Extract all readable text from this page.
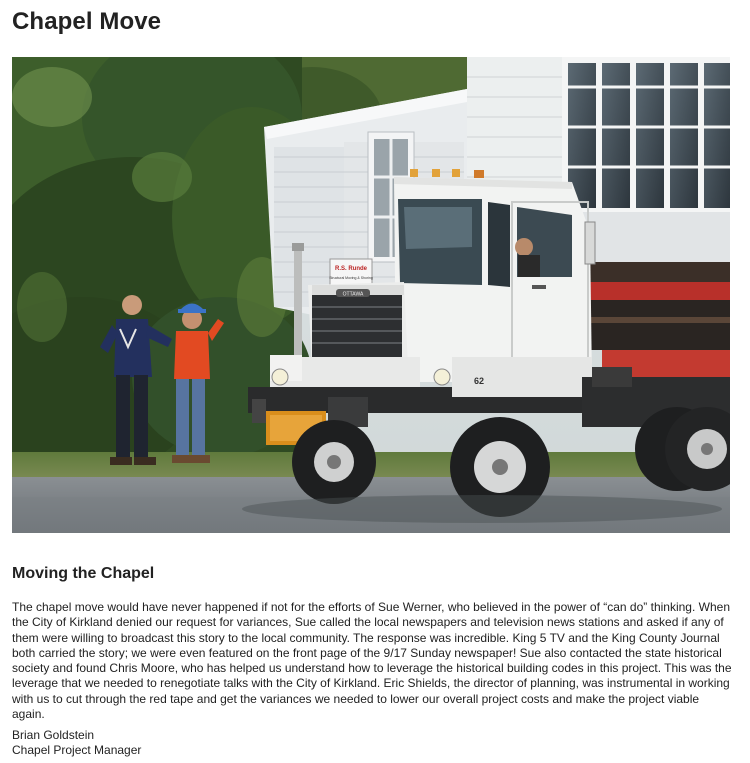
Chapel Move
R.S. Runde
Structural Moving & Shoring
OTTAWA
62
Moving the Chapel

The chapel move would have never happened if not for the efforts of Sue Werner, who believed in the power of “can do” thinking. When the City of Kirkland denied our request for variances, Sue called the local newspapers and television news stations and asked if any of them were willing to broadcast this story to the local community. The response was incredible. King 5 TV and the King County Journal both carried the story; we were even featured on the front page of the 9/17 Sunday newspaper! Sue also contacted the state historical society and found Chris Moore, who has helped us understand how to leverage the historical building codes in this project. This was the leverage that we needed to renegotiate talks with the City of Kirkland. Eric Shields, the director of planning, was instrumental in working with us to cut through the red tape and get the variances we needed to lower our overall project costs and make the project viable again.

Brian Goldstein
Chapel Project Manager
